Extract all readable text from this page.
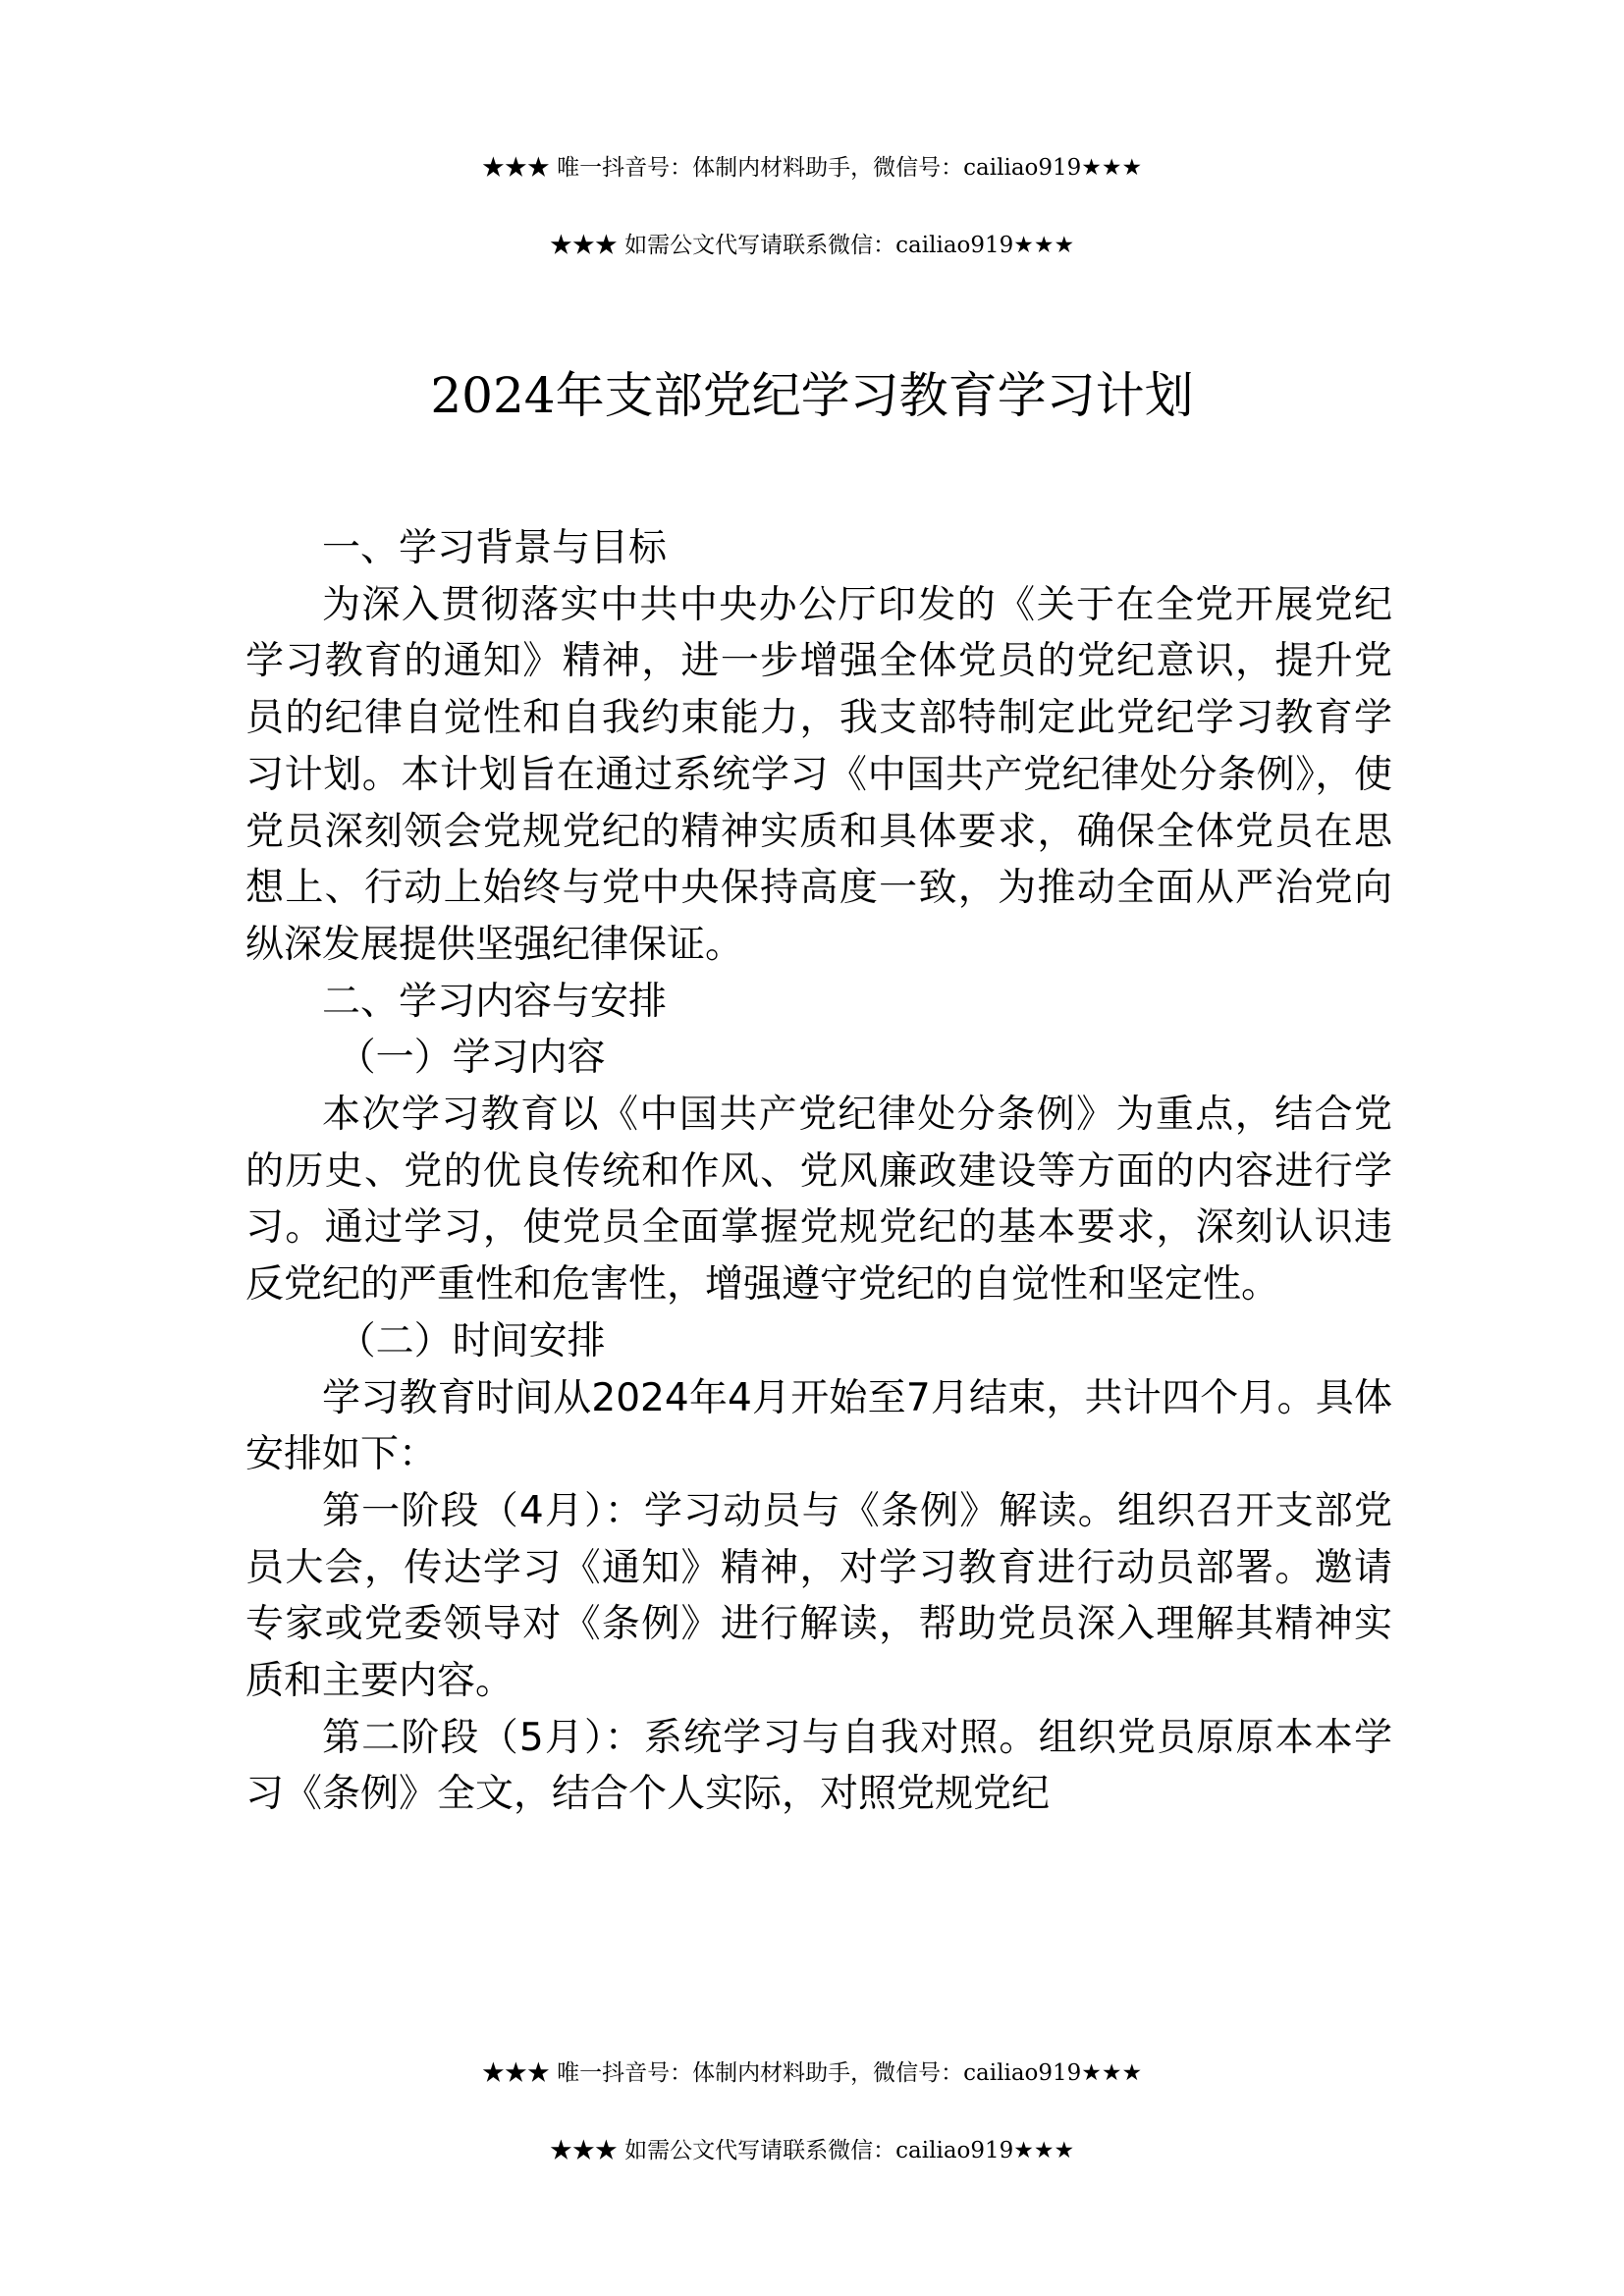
★★★ 唯一抖音号：体制内材料助手，微信号：cailiao919★★★
★★★ 如需公文代写请联系微信：cailiao919★★★
2024年支部党纪学习教育学习计划

一、学习背景与目标

为深入贯彻落实中共中央办公厅印发的《关于在全党开展党纪学习教育的通知》精神，进一步增强全体党员的党纪意识，提升党员的纪律自觉性和自我约束能力，我支部特制定此党纪学习教育学习计划。本计划旨在通过系统学习《中国共产党纪律处分条例》，使党员深刻领会党规党纪的精神实质和具体要求，确保全体党员在思想上、行动上始终与党中央保持高度一致，为推动全面从严治党向纵深发展提供坚强纪律保证。

二、学习内容与安排

（一）学习内容

本次学习教育以《中国共产党纪律处分条例》为重点，结合党的历史、党的优良传统和作风、党风廉政建设等方面的内容进行学习。通过学习，使党员全面掌握党规党纪的基本要求，深刻认识违反党纪的严重性和危害性，增强遵守党纪的自觉性和坚定性。

（二）时间安排

学习教育时间从2024年4月开始至7月结束，共计四个月。具体安排如下：

第一阶段（4月）：学习动员与《条例》解读。组织召开支部党员大会，传达学习《通知》精神，对学习教育进行动员部署。邀请专家或党委领导对《条例》进行解读，帮助党员深入理解其精神实质和主要内容。

第二阶段（5月）：系统学习与自我对照。组织党员原原本本学习《条例》全文，结合个人实际，对照党规党纪

★★★ 唯一抖音号：体制内材料助手，微信号：cailiao919★★★
★★★ 如需公文代写请联系微信：cailiao919★★★
